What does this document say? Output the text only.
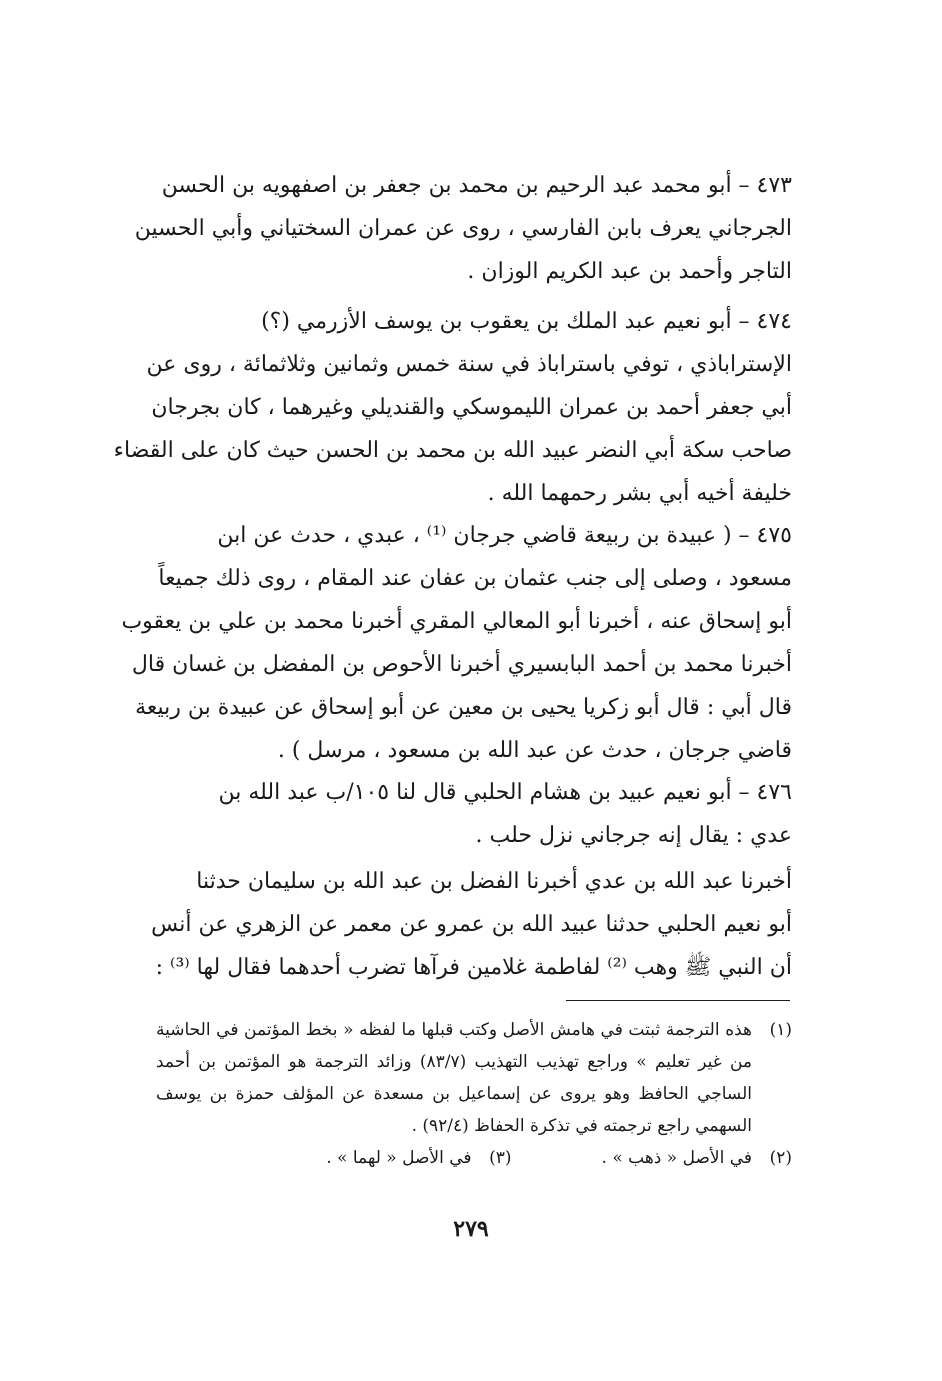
٤٧٣ – أبو محمد عبد الرحيم بن محمد بن جعفر بن اصفهويه بن الحسن
الجرجاني يعرف بابن الفارسي ، روى عن عمران السختياني وأبي الحسين
التاجر وأحمد بن عبد الكريم الوزان .
٤٧٤ – أبو نعيم عبد الملك بن يعقوب بن يوسف الأزرمي (؟)
الإستراباذي ، توفي باستراباذ في سنة خمس وثمانين وثلاثمائة ، روى عن
أبي جعفر أحمد بن عمران الليموسكي والقنديلي وغيرهما ، كان بجرجان
صاحب سكة أبي النضر عبيد الله بن محمد بن الحسن حيث كان على القضاء
خليفة أخيه أبي بشر رحمهما الله .
٤٧٥ – ( عبيدة بن ربيعة قاضي جرجان ⁽¹⁾ ، عبدي ، حدث عن ابن
مسعود ، وصلى إلى جنب عثمان بن عفان عند المقام ، روى ذلك جميعاً
أبو إسحاق عنه ، أخبرنا أبو المعالي المقري أخبرنا محمد بن علي بن يعقوب
أخبرنا محمد بن أحمد البابسيري أخبرنا الأحوص بن المفضل بن غسان قال
قال أبي : قال أبو زكريا يحيى بن معين عن أبو إسحاق عن عبيدة بن ربيعة
قاضي جرجان ، حدث عن عبد الله بن مسعود ، مرسل ) .
٤٧٦ – أبو نعيم عبيد بن هشام الحلبي قال لنا ١٠٥/ب عبد الله بن
عدي : يقال إنه جرجاني نزل حلب .
أخبرنا عبد الله بن عدي أخبرنا الفضل بن عبد الله بن سليمان حدثنا
أبو نعيم الحلبي حدثنا عبيد الله بن عمرو عن معمر عن الزهري عن أنس
أن النبي ﷺ وهب ⁽²⁾ لفاطمة غلامين فرآها تضرب أحدهما فقال لها ⁽³⁾ :
(١)
هذه الترجمة ثبتت في هامش الأصل وكتب قبلها ما لفظه « بخط المؤتمن في الحاشية من غير تعليم » وراجع تهذيب التهذيب (٨٣/٧) وزائد الترجمة هو المؤتمن بن أحمد الساجي الحافظ وهو يروى عن إسماعيل بن مسعدة عن المؤلف حمزة بن يوسف السهمي راجع ترجمته في تذكرة الحفاظ (٩٢/٤) .
(٢)
في الأصل « ذهب » .
(٣)
في الأصل « لهما » .
٢٧٩
